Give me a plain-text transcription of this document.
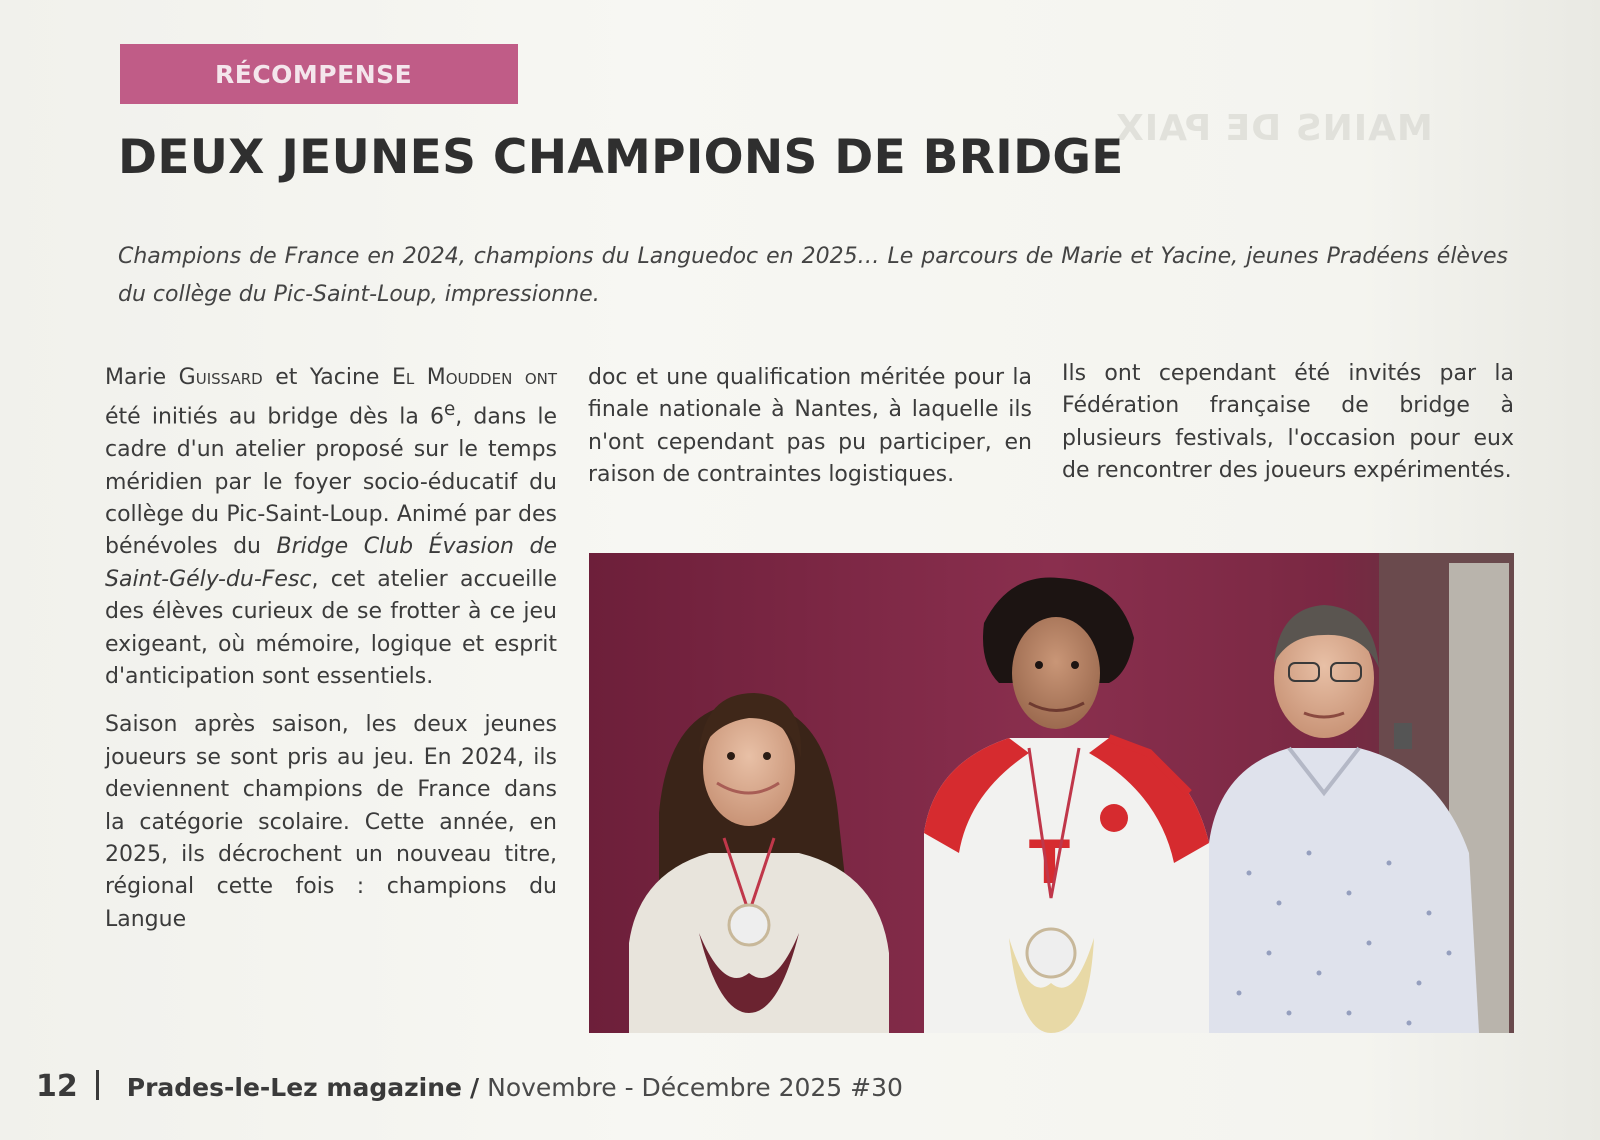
MAINS DE PAIX
RÉCOMPENSE
DEUX JEUNES CHAMPIONS DE BRIDGE

Champions de France en 2024, champions du Languedoc en 2025… Le parcours de Marie et Yacine, jeunes Pradéens élèves du collège du Pic-Saint-Loup, impressionne.

Marie Guissard et Yacine El Moudden ont été initiés au bridge dès la 6e, dans le cadre d'un atelier proposé sur le temps méridien par le foyer socio-éducatif du collège du Pic-Saint-Loup. Animé par des bénévoles du Bridge Club Évasion de Saint-Gély-du-Fesc, cet atelier accueille des élèves curieux de se frotter à ce jeu exigeant, où mémoire, logique et esprit d'anticipation sont essentiels.

Saison après saison, les deux jeunes joueurs se sont pris au jeu. En 2024, ils deviennent champions de France dans la catégorie scolaire. Cette année, en 2025, ils décrochent un nouveau titre, régional cette fois : champions du Langue

doc et une qualification méritée pour la finale nationale à Nantes, à laquelle ils n'ont cependant pas pu participer, en raison de contraintes logistiques.

Ils ont cependant été invités par la Fédération française de bridge à plusieurs festivals, l'occasion pour eux de rencontrer des joueurs expérimentés.

T
12 Prades-le-Lez magazine / Novembre - Décembre 2025 #30
